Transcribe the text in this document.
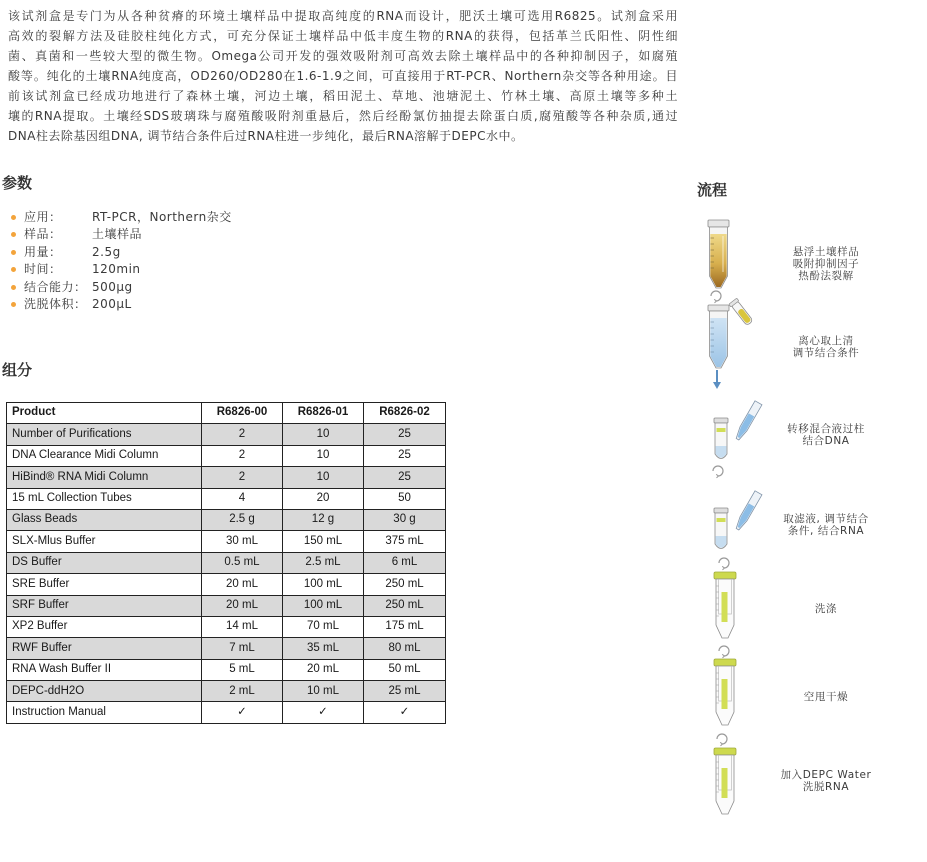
该试剂盒是专门为从各种贫瘠的环境土壤样品中提取高纯度的RNA而设计，肥沃土壤可选用R6825。试剂盒采用
高效的裂解方法及硅胶柱纯化方式，可充分保证土壤样品中低丰度生物的RNA的获得，包括革兰氏阳性、阴性细
菌、真菌和一些较大型的微生物。Omega公司开发的强效吸附剂可高效去除土壤样品中的各种抑制因子，如腐殖
酸等。纯化的土壤RNA纯度高，OD260/OD280在1.6-1.9之间，可直接用于RT-PCR、Northern杂交等各种用途。目
前该试剂盒已经成功地进行了森林土壤，河边土壤，稻田泥土、草地、池塘泥土、竹林土壤、高原土壤等多种土
壤的RNA提取。土壤经SDS玻璃珠与腐殖酸吸附剂重悬后，然后经酚氯仿抽提去除蛋白质,腐殖酸等各种杂质,通过
DNA柱去除基因组DNA, 调节结合条件后过RNA柱进一步纯化，最后RNA溶解于DEPC水中。
参数
应用：	RT-PCR，Northern杂交
样品：	土壤样品
用量：	2.5g
时间：	120min
结合能力： 500μg
洗脱体积： 200μL
组分
Product	R6826-00	R6826-01	R6826-02
Number of Purifications	2	10	25
DNA Clearance Midi Column	2	10	25
HiBind® RNA Midi Column	2	10	25
15 mL Collection Tubes	4	20	50
Glass Beads	2.5 g	12 g	30 g
SLX-Mlus Buffer	30 mL	150 mL	375 mL
DS Buffer	0.5 mL	2.5 mL	6 mL
SRE Buffer	20 mL	100 mL	250 mL
SRF Buffer	20 mL	100 mL	250 mL
XP2 Buffer	14 mL	70 mL	175 mL
RWF Buffer	7 mL	35 mL	80 mL
RNA Wash Buffer II	5 mL	20 mL	50 mL
DEPC-ddH2O	2 mL	10 mL	25 mL
Instruction Manual	✓	✓	✓
流程
悬浮土壤样品
吸附抑制因子
热酚法裂解
离心取上清
调节结合条件
转移混合液过柱
结合DNA
取滤液, 调节结合
条件, 结合RNA
洗涤
空甩干燥
加入DEPC Water
洗脱RNA
